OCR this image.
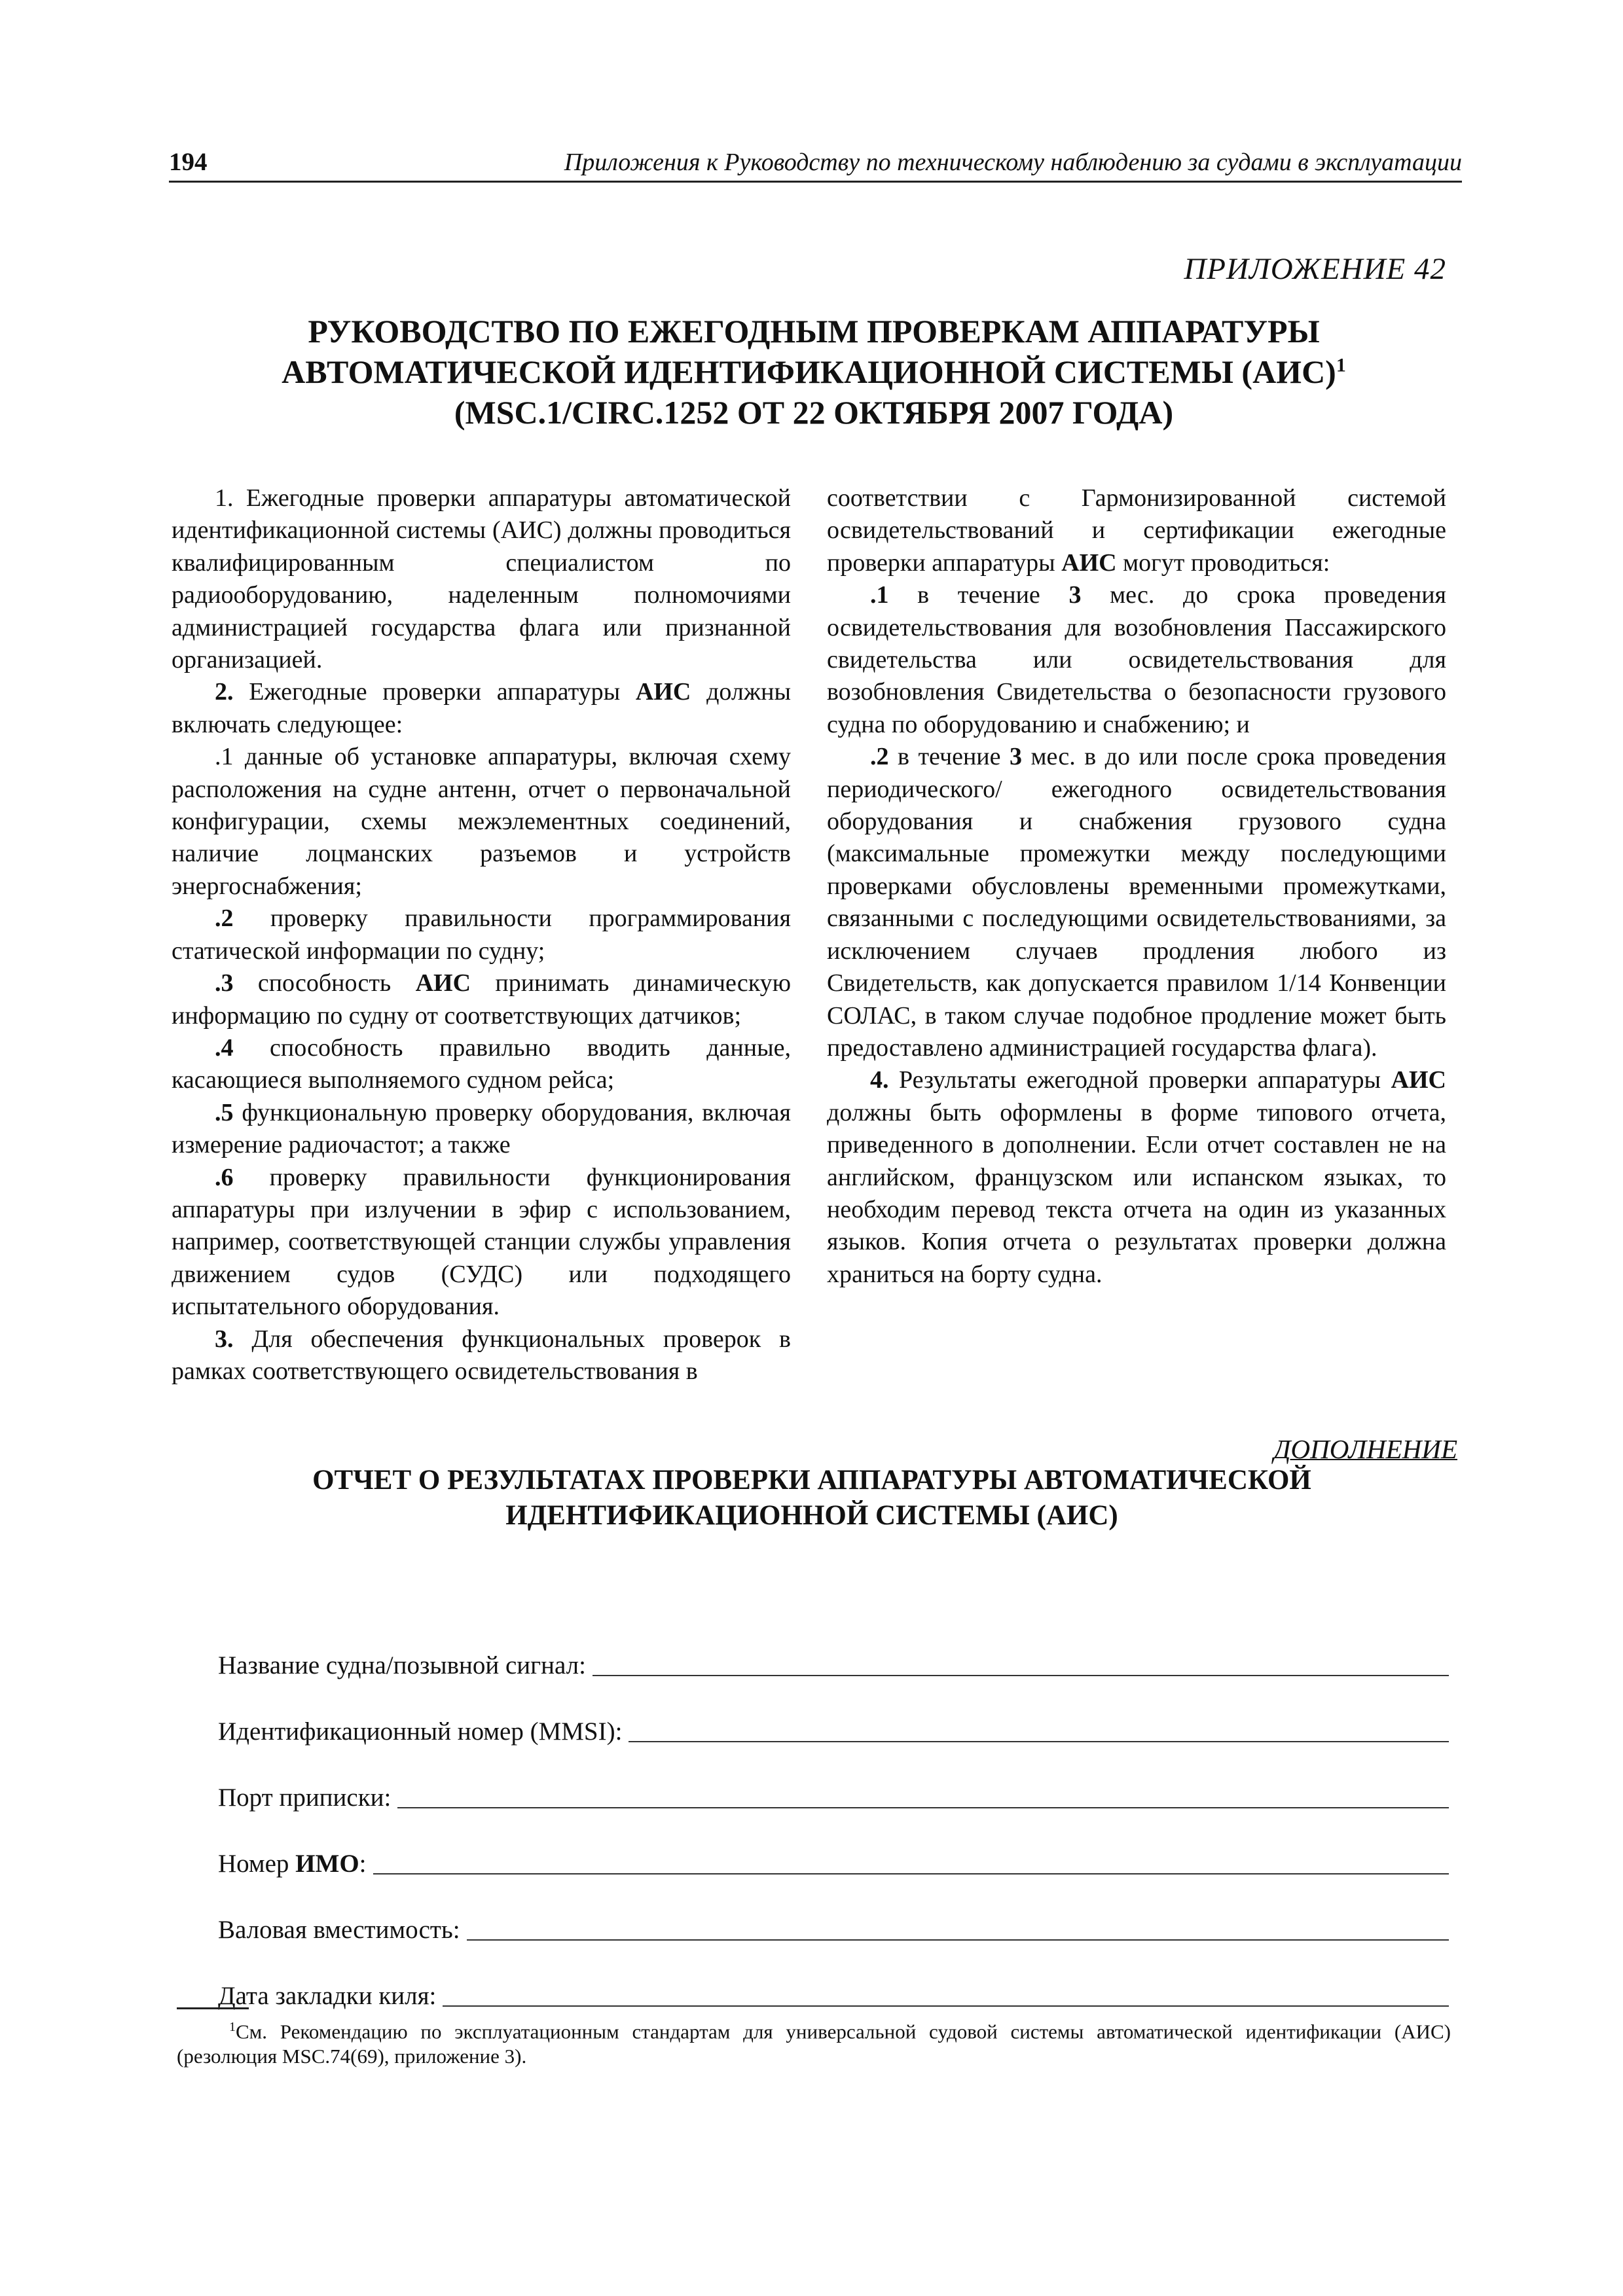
194	Приложения к Руководству по техническому наблюдению за судами в эксплуатации
ПРИЛОЖЕНИЕ 42
РУКОВОДСТВО ПО ЕЖЕГОДНЫМ ПРОВЕРКАМ АППАРАТУРЫ
АВТОМАТИЧЕСКОЙ ИДЕНТИФИКАЦИОННОЙ СИСТЕМЫ (АИС)$^1$
(MSC.1/CIRC.1252 ОТ 22 ОКТЯБРЯ 2007 ГОДА)

1. Ежегодные проверки аппаратуры автоматической идентификационной системы (АИС) должны проводиться квалифицированным специалистом по радиооборудованию, наделенным полномочиями администрацией государства флага или признанной организацией.

2. Ежегодные проверки аппаратуры АИС должны включать следующее:

.1 данные об установке аппаратуры, включая схему расположения на судне антенн, отчет о первоначальной конфигурации, схемы межэлементных соединений, наличие лоцманских разъемов и устройств энергоснабжения;

.2 проверку правильности программирования статической информации по судну;

.3 способность АИС принимать динамическую информацию по судну от соответствующих датчиков;

.4 способность правильно вводить данные, касающиеся выполняемого судном рейса;

.5 функциональную проверку оборудования, включая измерение радиочастот; а также

.6 проверку правильности функционирования аппаратуры при излучении в эфир с использованием, например, соответствующей станции службы управления движением судов (СУДС) или подходящего испытательного оборудования.

3. Для обеспечения функциональных проверок в рамках соответствующего освидетельствования в

соответствии с Гармонизированной системой освидетельствований и сертификации ежегодные проверки аппаратуры АИС могут проводиться:

.1 в течение 3 мес. до срока проведения освидетельствования для возобновления Пассажирского свидетельства или освидетельствования для возобновления Свидетельства о безопасности грузового судна по оборудованию и снабжению; и

.2 в течение 3 мес. в до или после срока проведения периодического/ ежегодного освидетельствования оборудования и снабжения грузового судна (максимальные промежутки между последующими проверками обусловлены временными промежутками, связанными с последующими освидетельствованиями, за исключением случаев продления любого из Свидетельств, как допускается правилом 1/14 Конвенции СОЛАС, в таком случае подобное продление может быть предоставлено администрацией государства флага).

4. Результаты ежегодной проверки аппаратуры АИС должны быть оформлены в форме типового отчета, приведенного в дополнении. Если отчет составлен не на английском, французском или испанском языках, то необходим перевод текста отчета на один из указанных языков. Копия отчета о результатах проверки должна храниться на борту судна.

ДОПОЛНЕНИЕ
ОТЧЕТ О РЕЗУЛЬТАТАХ ПРОВЕРКИ АППАРАТУРЫ АВТОМАТИЧЕСКОЙ
ИДЕНТИФИКАЦИОННОЙ СИСТЕМЫ (АИС)
Название судна/позывной сигнал:
Идентификационный номер (MMSI):
Порт приписки:
Номер ИМО:
Валовая вместимость:
Дата закладки киля:
$^1$См. Рекомендацию по эксплуатационным стандартам для универсальной судовой системы автоматической идентификации (АИС) (резолюция MSC.74(69), приложение 3).
